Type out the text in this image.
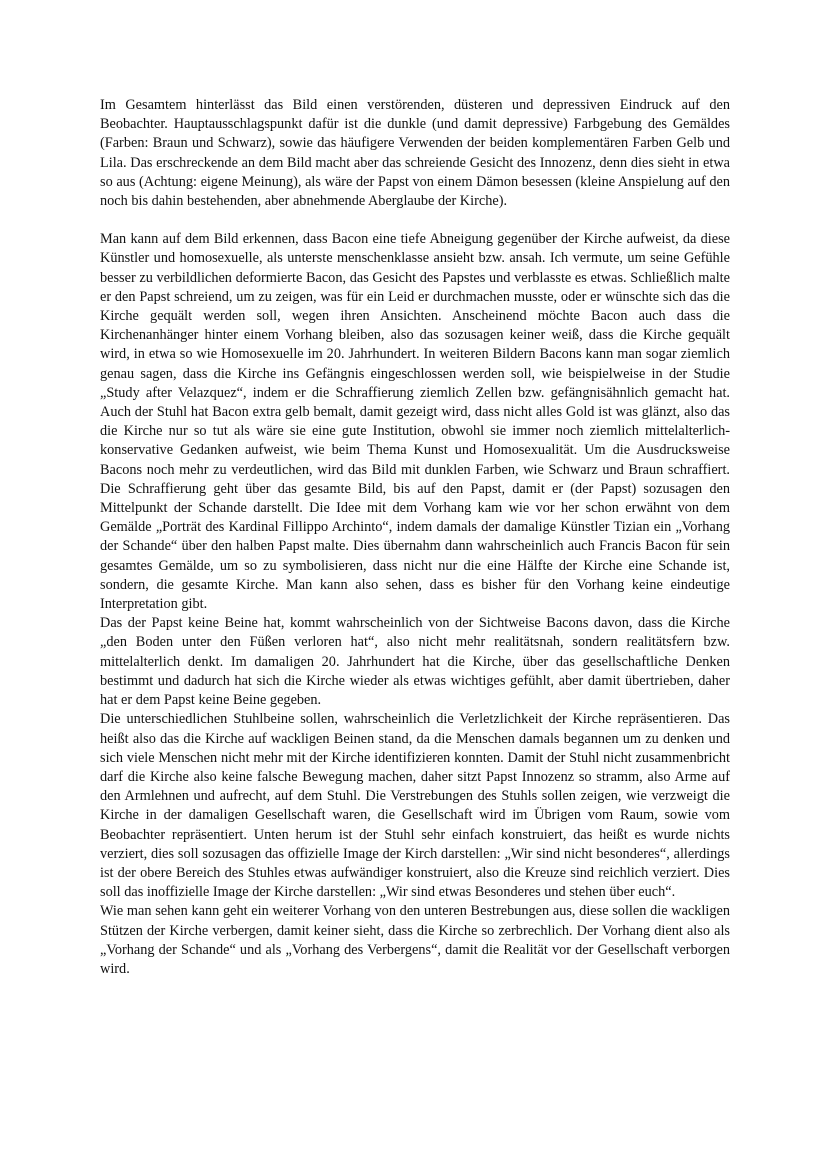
Im Gesamtem hinterlässt das Bild einen verstörenden, düsteren und depressiven Eindruck auf den Beobachter. Hauptausschlagspunkt dafür ist die dunkle (und damit depressive) Farbgebung des Gemäldes (Farben: Braun und Schwarz), sowie das häufigere Verwenden der beiden komplementären Farben Gelb und Lila. Das erschreckende an dem Bild macht aber das schreiende Gesicht des Innozenz, denn dies sieht in etwa so aus (Achtung: eigene Meinung), als wäre der Papst von einem Dämon besessen (kleine Anspielung auf den noch bis dahin bestehenden, aber abnehmende Aberglaube der Kirche).

Man kann auf dem Bild erkennen, dass Bacon eine tiefe Abneigung gegenüber der Kirche aufweist, da diese Künstler und homosexuelle, als unterste menschenklasse ansieht bzw. ansah. Ich vermute, um seine Gefühle besser zu verbildlichen deformierte Bacon, das Gesicht des Papstes und verblasste es etwas. Schließlich malte er den Papst schreiend, um zu zeigen, was für ein Leid er durchmachen musste, oder er wünschte sich das die Kirche gequält werden soll, wegen ihren Ansichten. Anscheinend möchte Bacon auch dass die Kirchenanhänger hinter einem Vorhang bleiben, also das sozusagen keiner weiß, dass die Kirche gequält wird, in etwa so wie Homosexuelle im 20. Jahrhundert. In weiteren Bildern Bacons kann man sogar ziemlich genau sagen, dass die Kirche ins Gefängnis eingeschlossen werden soll, wie beispielweise in der Studie „Study after Velazquez“, indem er die Schraffierung ziemlich Zellen bzw. gefängnisähnlich gemacht hat. Auch der Stuhl hat Bacon extra gelb bemalt, damit gezeigt wird, dass nicht alles Gold ist was glänzt, also das die Kirche nur so tut als wäre sie eine gute Institution, obwohl sie immer noch ziemlich mittelalterlich-konservative Gedanken aufweist, wie beim Thema Kunst und Homosexualität. Um die Ausdrucksweise Bacons noch mehr zu verdeutlichen, wird das Bild mit dunklen Farben, wie Schwarz und Braun schraffiert. Die Schraffierung geht über das gesamte Bild, bis auf den Papst, damit er (der Papst) sozusagen den Mittelpunkt der Schande darstellt. Die Idee mit dem Vorhang kam wie vor her schon erwähnt von dem Gemälde „Porträt des Kardinal Fillippo Archinto“, indem damals der damalige Künstler Tizian ein „Vorhang der Schande“ über den halben Papst malte. Dies übernahm dann wahrscheinlich auch Francis Bacon für sein gesamtes Gemälde, um so zu symbolisieren, dass nicht nur die eine Hälfte der Kirche eine Schande ist, sondern, die gesamte Kirche. Man kann also sehen, dass es bisher für den Vorhang keine eindeutige Interpretation gibt.

Das der Papst keine Beine hat, kommt wahrscheinlich von der Sichtweise Bacons davon, dass die Kirche „den Boden unter den Füßen verloren hat“, also nicht mehr realitätsnah, sondern realitätsfern bzw. mittelalterlich denkt. Im damaligen 20. Jahrhundert hat die Kirche, über das gesellschaftliche Denken bestimmt und dadurch hat sich die Kirche wieder als etwas wichtiges gefühlt, aber damit übertrieben, daher hat er dem Papst keine Beine gegeben.

Die unterschiedlichen Stuhlbeine sollen, wahrscheinlich die Verletzlichkeit der Kirche repräsentieren. Das heißt also das die Kirche auf wackligen Beinen stand, da die Menschen damals begannen um zu denken und sich viele Menschen nicht mehr mit der Kirche identifizieren konnten. Damit der Stuhl nicht zusammenbricht darf die Kirche also keine falsche Bewegung machen, daher sitzt Papst Innozenz so stramm, also Arme auf den Armlehnen und aufrecht, auf dem Stuhl. Die Verstrebungen des Stuhls sollen zeigen, wie verzweigt die Kirche in der damaligen Gesellschaft waren, die Gesellschaft wird im Übrigen vom Raum, sowie vom Beobachter repräsentiert. Unten herum ist der Stuhl sehr einfach konstruiert, das heißt es wurde nichts verziert, dies soll sozusagen das offizielle Image der Kirch darstellen: „Wir sind nicht besonderes“, allerdings ist der obere Bereich des Stuhles etwas aufwändiger konstruiert, also die Kreuze sind reichlich verziert. Dies soll das inoffizielle Image der Kirche darstellen: „Wir sind etwas Besonderes und stehen über euch“.

Wie man sehen kann geht ein weiterer Vorhang von den unteren Bestrebungen aus, diese sollen die wackligen Stützen der Kirche verbergen, damit keiner sieht, dass die Kirche so zerbrechlich. Der Vorhang dient also als „Vorhang der Schande“ und als „Vorhang des Verbergens“, damit die Realität vor der Gesellschaft verborgen wird.
